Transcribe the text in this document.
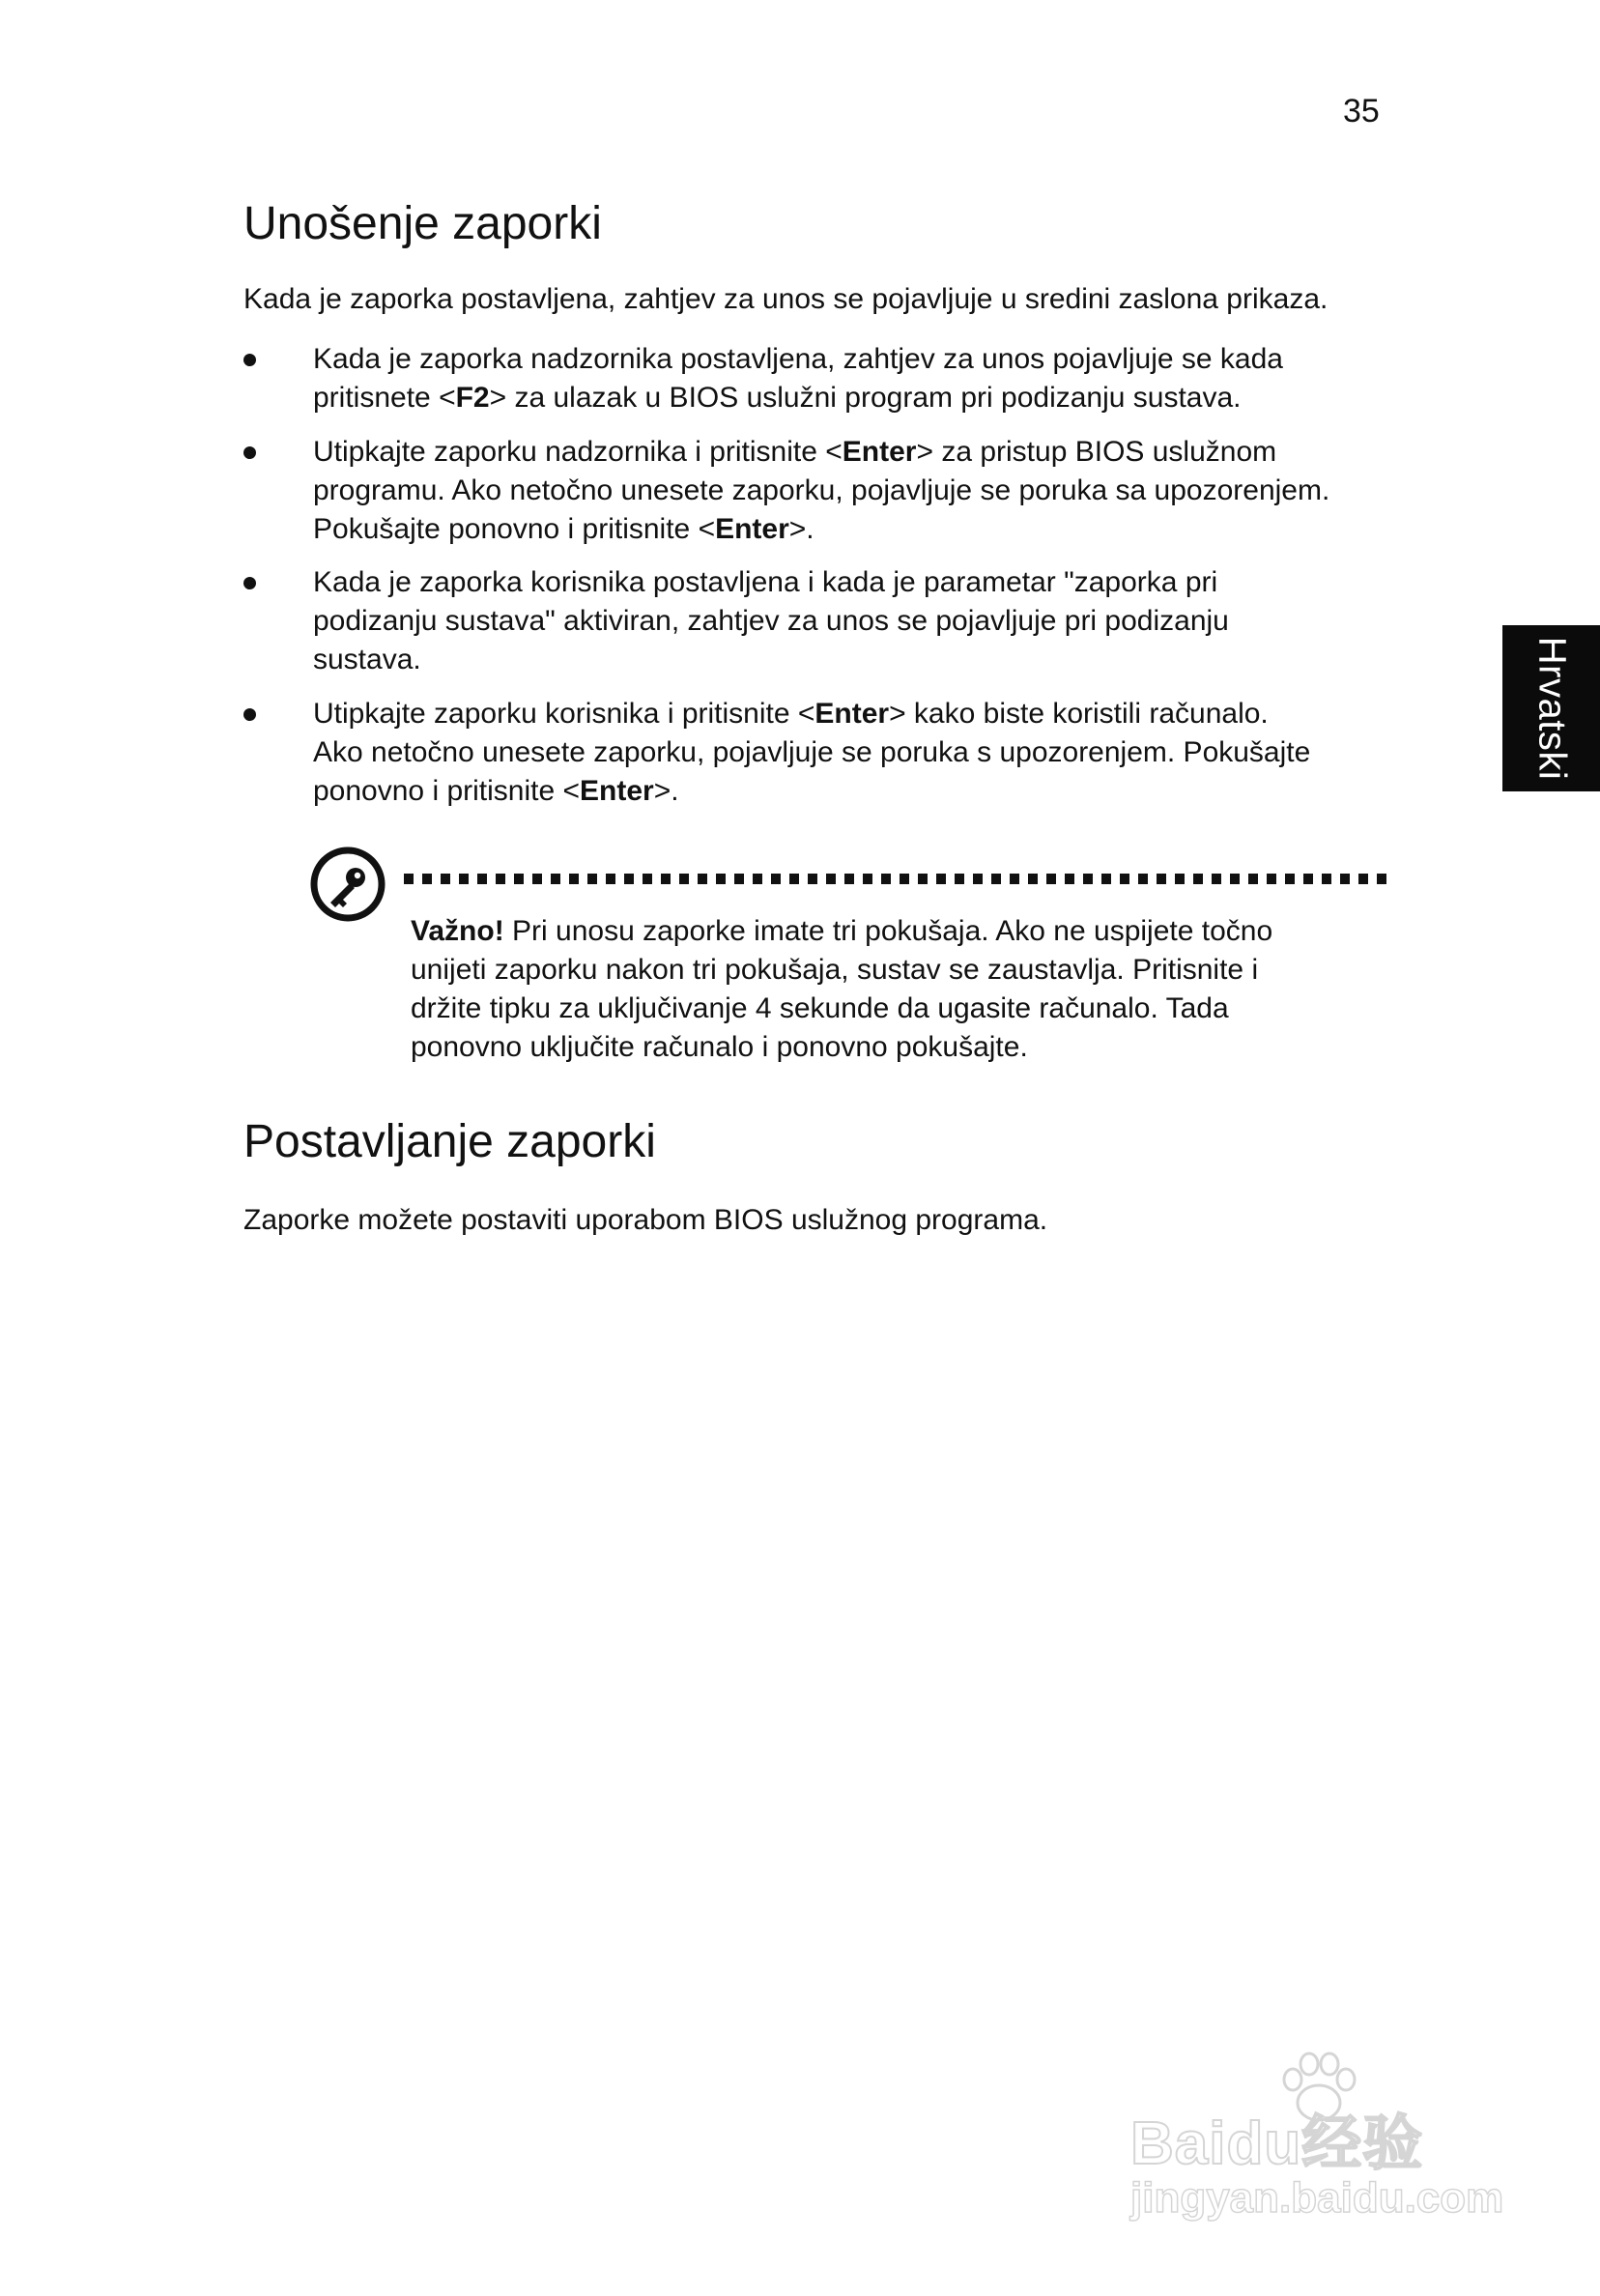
35
Hrvatski
Unošenje zaporki

Kada je zaporka postavljena, zahtjev za unos se pojavljuje u sredini zaslona prikaza.

Kada je zaporka nadzornika postavljena, zahtjev za unos pojavljuje se kada
pritisnete <F2> za ulazak u BIOS uslužni program pri podizanju sustava.

Utipkajte zaporku nadzornika i pritisnite <Enter> za pristup BIOS uslužnom
programu. Ako netočno unesete zaporku, pojavljuje se poruka sa upozorenjem.
Pokušajte ponovno i pritisnite <Enter>.

Kada je zaporka korisnika postavljena i kada je parametar "zaporka pri
podizanju sustava" aktiviran, zahtjev za unos se pojavljuje pri podizanju
sustava.

Utipkajte zaporku korisnika i pritisnite <Enter> kako biste koristili računalo.
Ako netočno unesete zaporku, pojavljuje se poruka s upozorenjem. Pokušajte
ponovno i pritisnite <Enter>.

Važno! Pri unosu zaporke imate tri pokušaja. Ako ne uspijete točno
unijeti zaporku nakon tri pokušaja, sustav se zaustavlja. Pritisnite i
držite tipku za uključivanje 4 sekunde da ugasite računalo. Tada
ponovno uključite računalo i ponovno pokušajte.

Postavljanje zaporki

Zaporke možete postaviti uporabom BIOS uslužnog programa.

Baidu经验
jingyan.baidu.com
